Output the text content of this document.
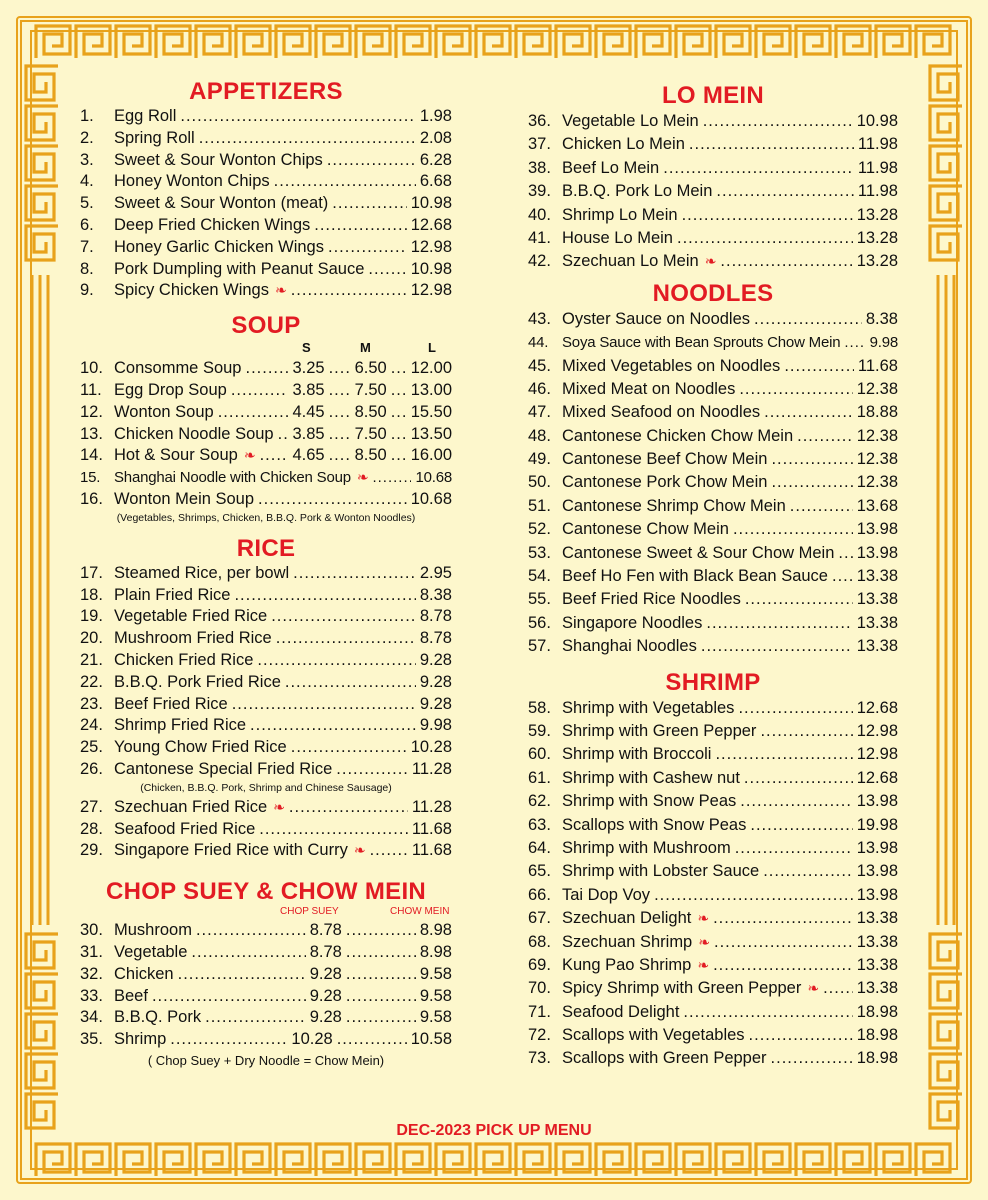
APPETIZERS
1.	Egg Roll .....	1.98
2.	Spring Roll .....	2.08
3.	Sweet & Sour Wonton Chips .....	6.28
4.	Honey Wonton Chips .....	6.68
5.	Sweet & Sour Wonton (meat) .....	10.98
6.	Deep Fried Chicken Wings .....	12.68
7.	Honey Garlic Chicken Wings .....	12.98
8.	Pork Dumpling with Peanut Sauce .....	10.98
9.	Spicy Chicken Wings ❧ .....	12.98
SOUP
S	M	L
10. Consomme Soup .....	3.25 ..... 6.50 ..... 12.00
11. Egg Drop Soup .....	3.85 ..... 7.50 ..... 13.00
12. Wonton Soup .....	4.45 ..... 8.50 ..... 15.50
13. Chicken Noodle Soup ..... 3.85 ..... 7.50 ..... 13.50
14. Hot & Sour Soup ❧ ..... 4.65 ..... 8.50 ..... 16.00
15. Shanghai Noodle with Chicken Soup ❧ .....	10.68
16. Wonton Mein Soup .....	10.68
(Vegetables, Shrimps, Chicken, B.B.Q. Pork & Wonton Noodles)
RICE
17. Steamed Rice, per bowl .....	2.95
18. Plain Fried Rice .....	8.38
19. Vegetable Fried Rice .....	8.78
20. Mushroom Fried Rice .....	8.78
21. Chicken Fried Rice .....	9.28
22. B.B.Q. Pork Fried Rice .....	9.28
23. Beef Fried Rice .....	9.28
24. Shrimp Fried Rice .....	9.98
25. Young Chow Fried Rice .....	10.28
26. Cantonese Special Fried Rice .....	11.28
(Chicken, B.B.Q. Pork, Shrimp and Chinese Sausage)
27. Szechuan Fried Rice ❧ .....	11.28
28. Seafood Fried Rice .....	11.68
29. Singapore Fried Rice with Curry ❧ .....	11.68
CHOP SUEY & CHOW MEIN
CHOP SUEY	CHOW MEIN
30. Mushroom .....	8.78 .....	8.98
31. Vegetable .....	8.78 .....	8.98
32. Chicken .....	9.28 .....	9.58
33. Beef .....	9.28 .....	9.58
34. B.B.Q. Pork .....	9.28 .....	9.58
35. Shrimp .....	10.28 .....	10.58
( Chop Suey + Dry Noodle = Chow Mein)
LO MEIN
36. Vegetable Lo Mein .....	10.98
37. Chicken Lo Mein .....	11.98
38. Beef Lo Mein .....	11.98
39. B.B.Q. Pork Lo Mein .....	11.98
40. Shrimp Lo Mein .....	13.28
41. House Lo Mein .....	13.28
42. Szechuan Lo Mein ❧ .....	13.28
NOODLES
43. Oyster Sauce on Noodles .....	8.38
44. Soya Sauce with Bean Sprouts Chow Mein ..... 9.98
45. Mixed Vegetables on Noodles .....	11.68
46. Mixed Meat on Noodles .....	12.38
47. Mixed Seafood on Noodles .....	18.88
48. Cantonese Chicken Chow Mein .....	12.38
49. Cantonese Beef Chow Mein .....	12.38
50. Cantonese Pork Chow Mein .....	12.38
51. Cantonese Shrimp Chow Mein .....	13.68
52. Cantonese Chow Mein .....	13.98
53. Cantonese Sweet & Sour Chow Mein ..... 13.98
54. Beef Ho Fen with Black Bean Sauce ..... 13.38
55. Beef Fried Rice Noodles .....	13.38
56. Singapore Noodles .....	13.38
57. Shanghai Noodles .....	13.38
SHRIMP
58. Shrimp with Vegetables .....	12.68
59. Shrimp with Green Pepper .....	12.98
60. Shrimp with Broccoli .....	12.98
61. Shrimp with Cashew nut .....	12.68
62. Shrimp with Snow Peas .....	13.98
63. Scallops with Snow Peas .....	19.98
64. Shrimp with Mushroom .....	13.98
65. Shrimp with Lobster Sauce .....	13.98
66. Tai Dop Voy .....	13.98
67. Szechuan Delight ❧ .....	13.38
68. Szechuan Shrimp ❧ .....	13.38
69. Kung Pao Shrimp ❧ .....	13.38
70. Spicy Shrimp with Green Pepper ❧ ..... 13.38
71. Seafood Delight .....	18.98
72. Scallops with Vegetables .....	18.98
73. Scallops with Green Pepper .....	18.98
DEC-2023 PICK UP MENU
